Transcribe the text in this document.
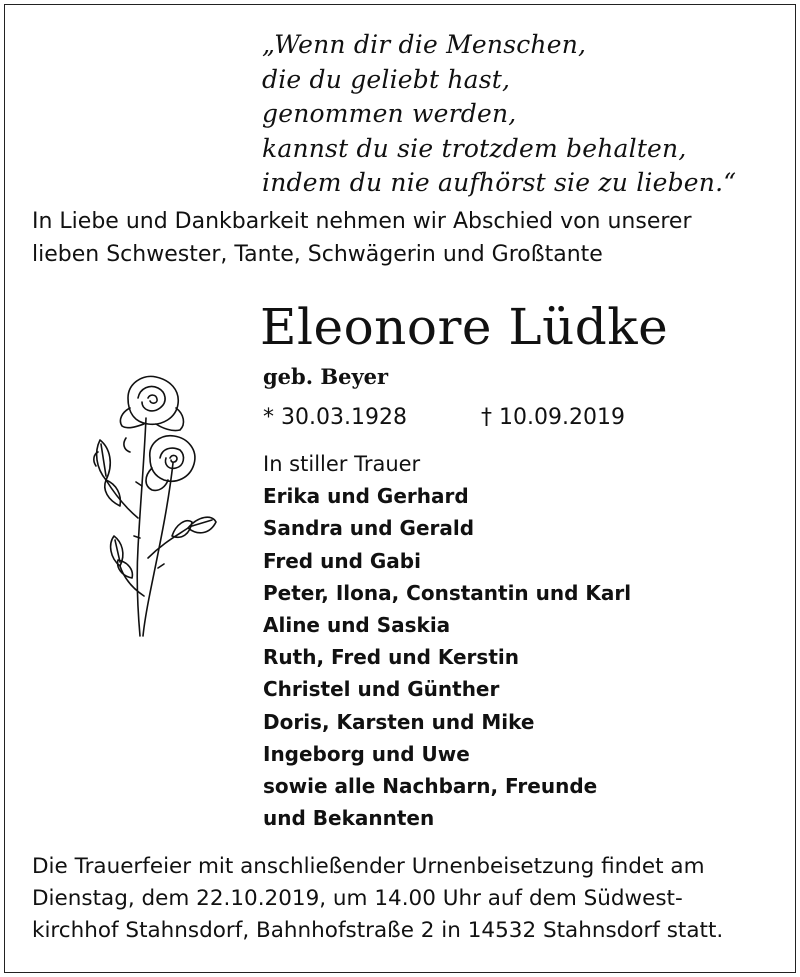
„Wenn dir die Menschen,
die du geliebt hast,
genommen werden,
kannst du sie trotzdem behalten,
indem du nie aufhörst sie zu lieben.“
In Liebe und Dankbarkeit nehmen wir Abschied von unserer
lieben Schwester, Tante, Schwägerin und Großtante
Eleonore Lüdke
geb. Beyer
* 30.03.1928	† 10.09.2019
In stiller Trauer
Erika und Gerhard
Sandra und Gerald
Fred und Gabi
Peter, Ilona, Constantin und Karl
Aline und Saskia
Ruth, Fred und Kerstin
Christel und Günther
Doris, Karsten und Mike
Ingeborg und Uwe
sowie alle Nachbarn, Freunde
und Bekannten
Die Trauerfeier mit anschließender Urnenbeisetzung findet am
Dienstag, dem 22.10.2019, um 14.00 Uhr auf dem Südwest-
kirchhof Stahnsdorf, Bahnhofstraße 2 in 14532 Stahnsdorf statt.
